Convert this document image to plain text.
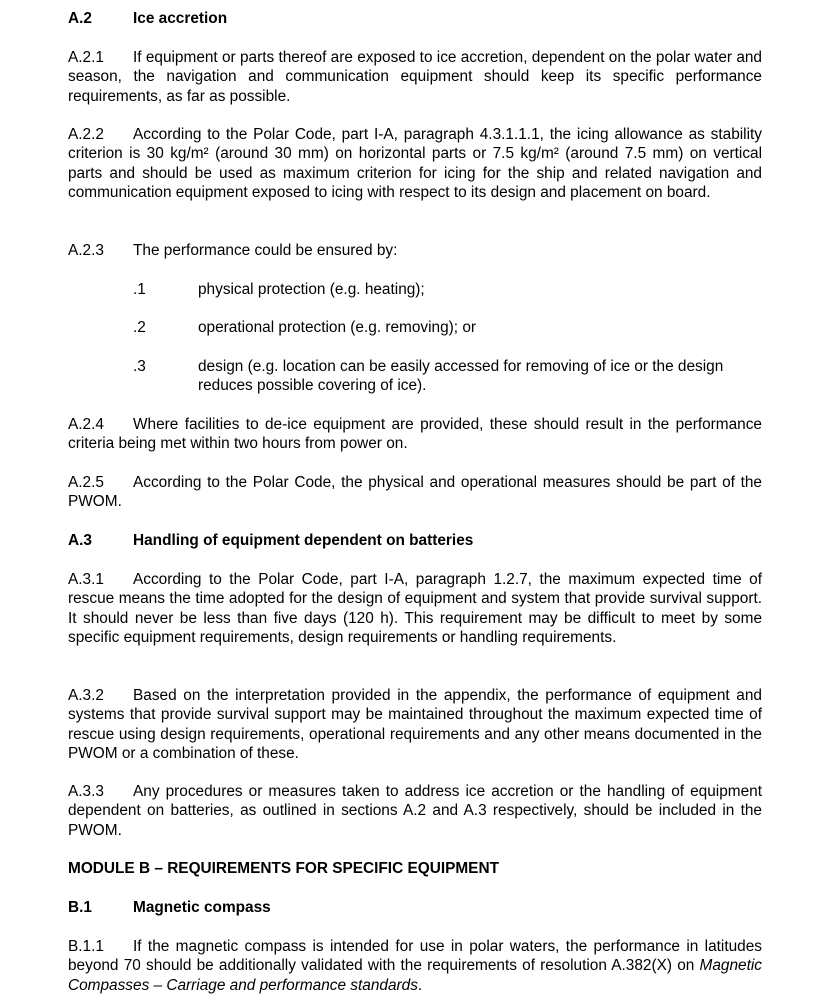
A.2	Ice accretion

A.2.1 If equipment or parts thereof are exposed to ice accretion, dependent on the polar water and season, the navigation and communication equipment should keep its specific performance requirements, as far as possible.

A.2.2 According to the Polar Code, part I-A, paragraph 4.3.1.1.1, the icing allowance as stability criterion is 30 kg/m² (around 30 mm) on horizontal parts or 7.5 kg/m² (around 7.5 mm) on vertical parts and should be used as maximum criterion for icing for the ship and related navigation and communication equipment exposed to icing with respect to its design and placement on board.

A.2.3 The performance could be ensured by:

.1	physical protection (e.g. heating);

.2	operational protection (e.g. removing); or

.3	design (e.g. location can be easily accessed for removing of ice or the design reduces possible covering of ice).

A.2.4 Where facilities to de-ice equipment are provided, these should result in the performance criteria being met within two hours from power on.

A.2.5 According to the Polar Code, the physical and operational measures should be part of the PWOM.

A.3	Handling of equipment dependent on batteries

A.3.1 According to the Polar Code, part I-A, paragraph 1.2.7, the maximum expected time of rescue means the time adopted for the design of equipment and system that provide survival support. It should never be less than five days (120 h). This requirement may be difficult to meet by some specific equipment requirements, design requirements or handling requirements.

A.3.2 Based on the interpretation provided in the appendix, the performance of equipment and systems that provide survival support may be maintained throughout the maximum expected time of rescue using design requirements, operational requirements and any other means documented in the PWOM or a combination of these.

A.3.3 Any procedures or measures taken to address ice accretion or the handling of equipment dependent on batteries, as outlined in sections A.2 and A.3 respectively, should be included in the PWOM.

MODULE B – REQUIREMENTS FOR SPECIFIC EQUIPMENT

B.1	Magnetic compass

B.1.1 If the magnetic compass is intended for use in polar waters, the performance in latitudes beyond 70 should be additionally validated with the requirements of resolution A.382(X) on Magnetic Compasses – Carriage and performance standards.
